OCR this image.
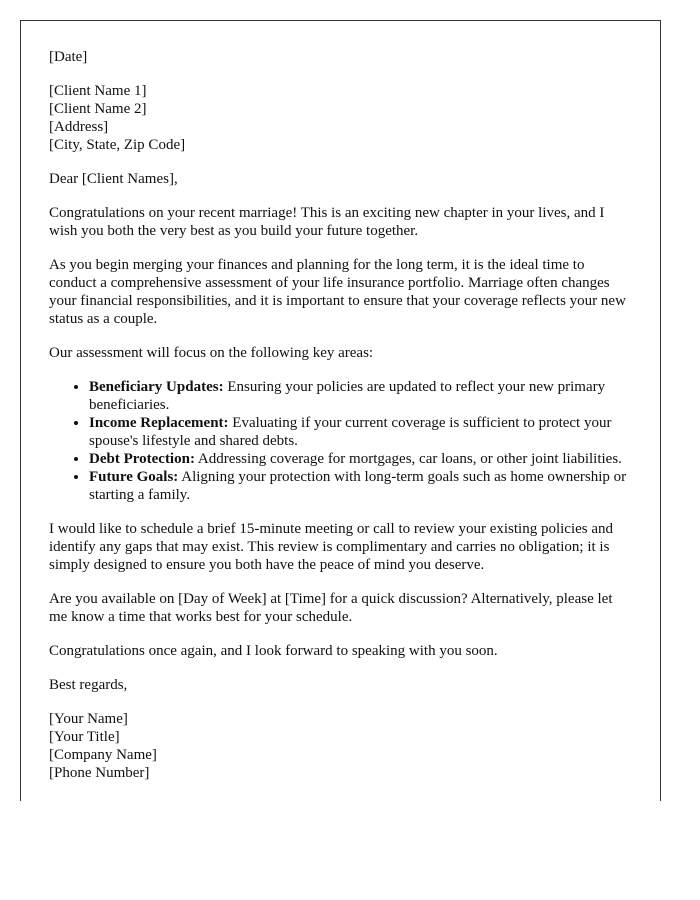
[Date]

[Client Name 1]
[Client Name 2]
[Address]
[City, State, Zip Code]

Dear [Client Names],

Congratulations on your recent marriage! This is an exciting new chapter in your lives, and I wish you both the very best as you build your future together.

As you begin merging your finances and planning for the long term, it is the ideal time to conduct a comprehensive assessment of your life insurance portfolio. Marriage often changes your financial responsibilities, and it is important to ensure that your coverage reflects your new status as a couple.

Our assessment will focus on the following key areas:

• Beneficiary Updates: Ensuring your policies are updated to reflect your new primary beneficiaries.
• Income Replacement: Evaluating if your current coverage is sufficient to protect your spouse's lifestyle and shared debts.
• Debt Protection: Addressing coverage for mortgages, car loans, or other joint liabilities.
• Future Goals: Aligning your protection with long-term goals such as home ownership or starting a family.

I would like to schedule a brief 15-minute meeting or call to review your existing policies and identify any gaps that may exist. This review is complimentary and carries no obligation; it is simply designed to ensure you both have the peace of mind you deserve.

Are you available on [Day of Week] at [Time] for a quick discussion? Alternatively, please let me know a time that works best for your schedule.

Congratulations once again, and I look forward to speaking with you soon.

Best regards,

[Your Name]
[Your Title]
[Company Name]
[Phone Number]
